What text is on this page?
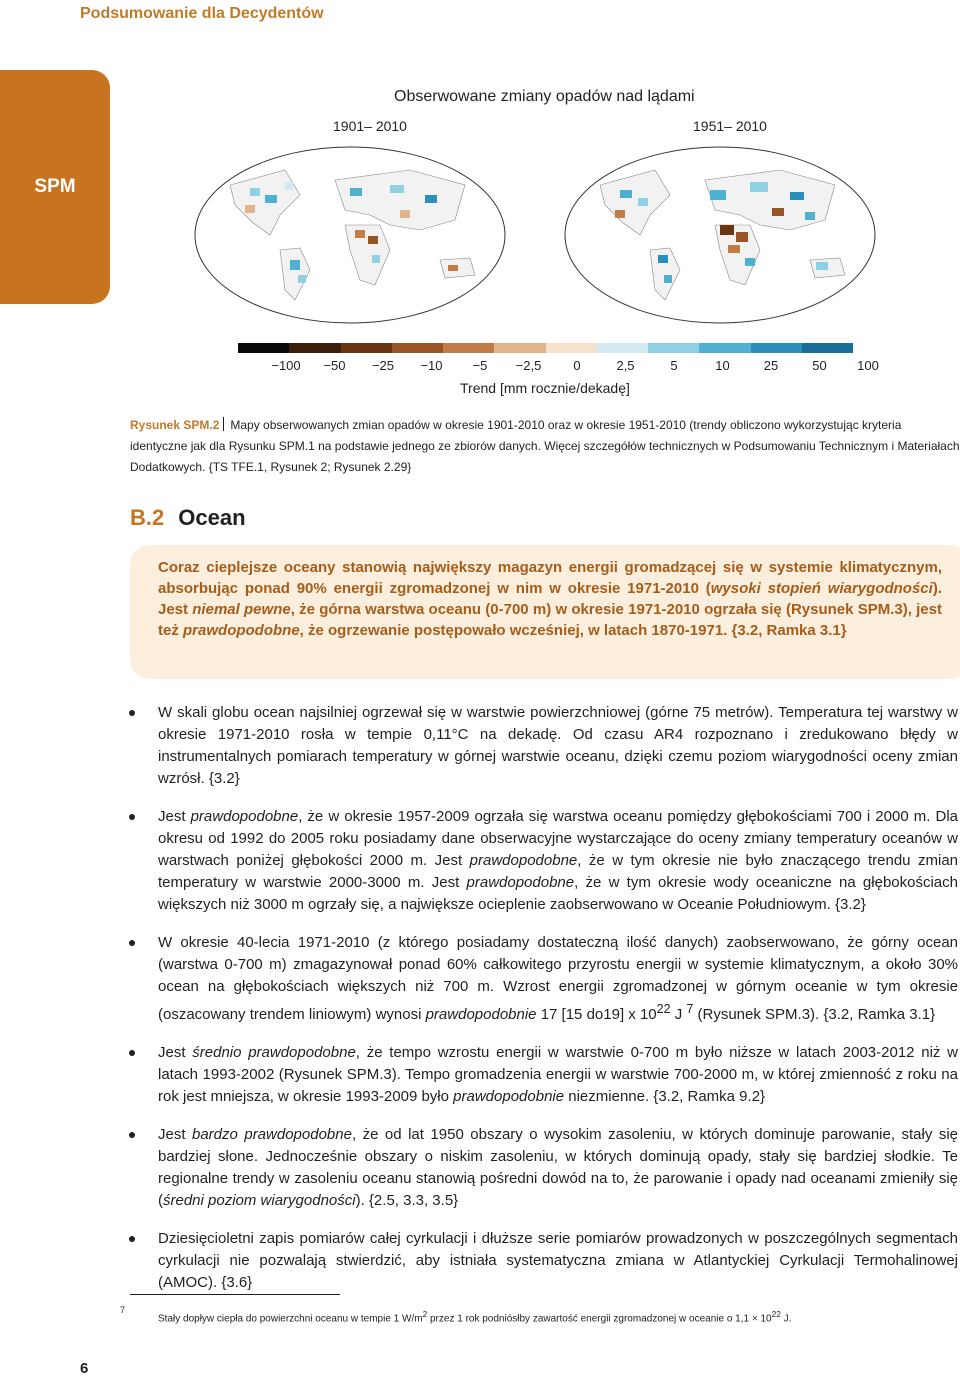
Podsumowanie dla Decydentów
SPM
Obserwowane zmiany opadów nad lądami
1901– 2010	1951– 2010
−100 −50 −25 −10 −5 −2,5 0	2,5	5	10	25	50 100
Trend [mm rocznie/dekadę]
Rysunek SPM.2 Mapy obserwowanych zmian opadów w okresie 1901-2010 oraz w okresie 1951-2010 (trendy obliczono wykorzystując kryteria identyczne jak dla Rysunku SPM.1 na podstawie jednego ze zbiorów danych. Więcej szczegółów technicznych w Podsumowaniu Technicznym i Materiałach Dodatkowych. {TS TFE.1, Rysunek 2; Rysunek 2.29}
B.2 Ocean

Coraz cieplejsze oceany stanowią największy magazyn energii gromadzącej się w systemie klimatycznym, absorbując ponad 90% energii zgromadzonej w nim w okresie 1971-2010 (wysoki stopień wiarygodności). Jest niemal pewne, że górna warstwa oceanu (0-700 m) w okresie 1971-2010 ogrzała się (Rysunek SPM.3), jest też prawdopodobne, że ogrzewanie postępowało wcześniej, w latach 1870-1971. {3.2, Ramka 3.1}

W skali globu ocean najsilniej ogrzewał się w warstwie powierzchniowej (górne 75 metrów). Temperatura tej warstwy w okresie 1971-2010 rosła w tempie 0,11°C na dekadę. Od czasu AR4 rozpoznano i zredukowano błędy w instrumentalnych pomiarach temperatury w górnej warstwie oceanu, dzięki czemu poziom wiarygodności oceny zmian wzrósł. {3.2}
Jest prawdopodobne, że w okresie 1957-2009 ogrzała się warstwa oceanu pomiędzy głębokościami 700 i 2000 m. Dla okresu od 1992 do 2005 roku posiadamy dane obserwacyjne wystarczające do oceny zmiany temperatury oceanów w warstwach poniżej głębokości 2000 m. Jest prawdopodobne, że w tym okresie nie było znaczącego trendu zmian temperatury w warstwie 2000-3000 m. Jest prawdopodobne, że w tym okresie wody oceaniczne na głębokościach większych niż 3000 m ogrzały się, a największe ocieplenie zaobserwowano w Oceanie Południowym. {3.2}
W okresie 40-lecia 1971-2010 (z którego posiadamy dostateczną ilość danych) zaobserwowano, że górny ocean (warstwa 0-700 m) zmagazynował ponad 60% całkowitego przyrostu energii w systemie klimatycznym, a około 30% ocean na głębokościach większych niż 700 m. Wzrost energii zgromadzonej w górnym oceanie w tym okresie (oszacowany trendem liniowym) wynosi prawdopodobnie 17 [15 do19] x $10^{22}$ J $^7$ (Rysunek SPM.3). {3.2, Ramka 3.1}
Jest średnio prawdopodobne, że tempo wzrostu energii w warstwie 0-700 m było niższe w latach 2003-2012 niż w latach 1993-2002 (Rysunek SPM.3). Tempo gromadzenia energii w warstwie 700-2000 m, w której zmienność z roku na rok jest mniejsza, w okresie 1993-2009 było prawdopodobnie niezmienne. {3.2, Ramka 9.2}
Jest bardzo prawdopodobne, że od lat 1950 obszary o wysokim zasoleniu, w których dominuje parowanie, stały się bardziej słone. Jednocześnie obszary o niskim zasoleniu, w których dominują opady, stały się bardziej słodkie. Te regionalne trendy w zasoleniu oceanu stanowią pośredni dowód na to, że parowanie i opady nad oceanami zmieniły się (średni poziom wiarygodności). {2.5, 3.3, 3.5}
Dziesięcioletni zapis pomiarów całej cyrkulacji i dłuższe serie pomiarów prowadzonych w poszczególnych segmentach cyrkulacji nie pozwalają stwierdzić, aby istniała systematyczna zmiana w Atlantyckiej Cyrkulacji Termohalinowej (AMOC). {3.6}
7
Stały dopływ ciepła do powierzchni oceanu w tempie 1 $W/m^2$ przez 1 rok podniósłby zawartość energii zgromadzonej w oceanie o $1,1 \times 10^{22}$ J.
6
